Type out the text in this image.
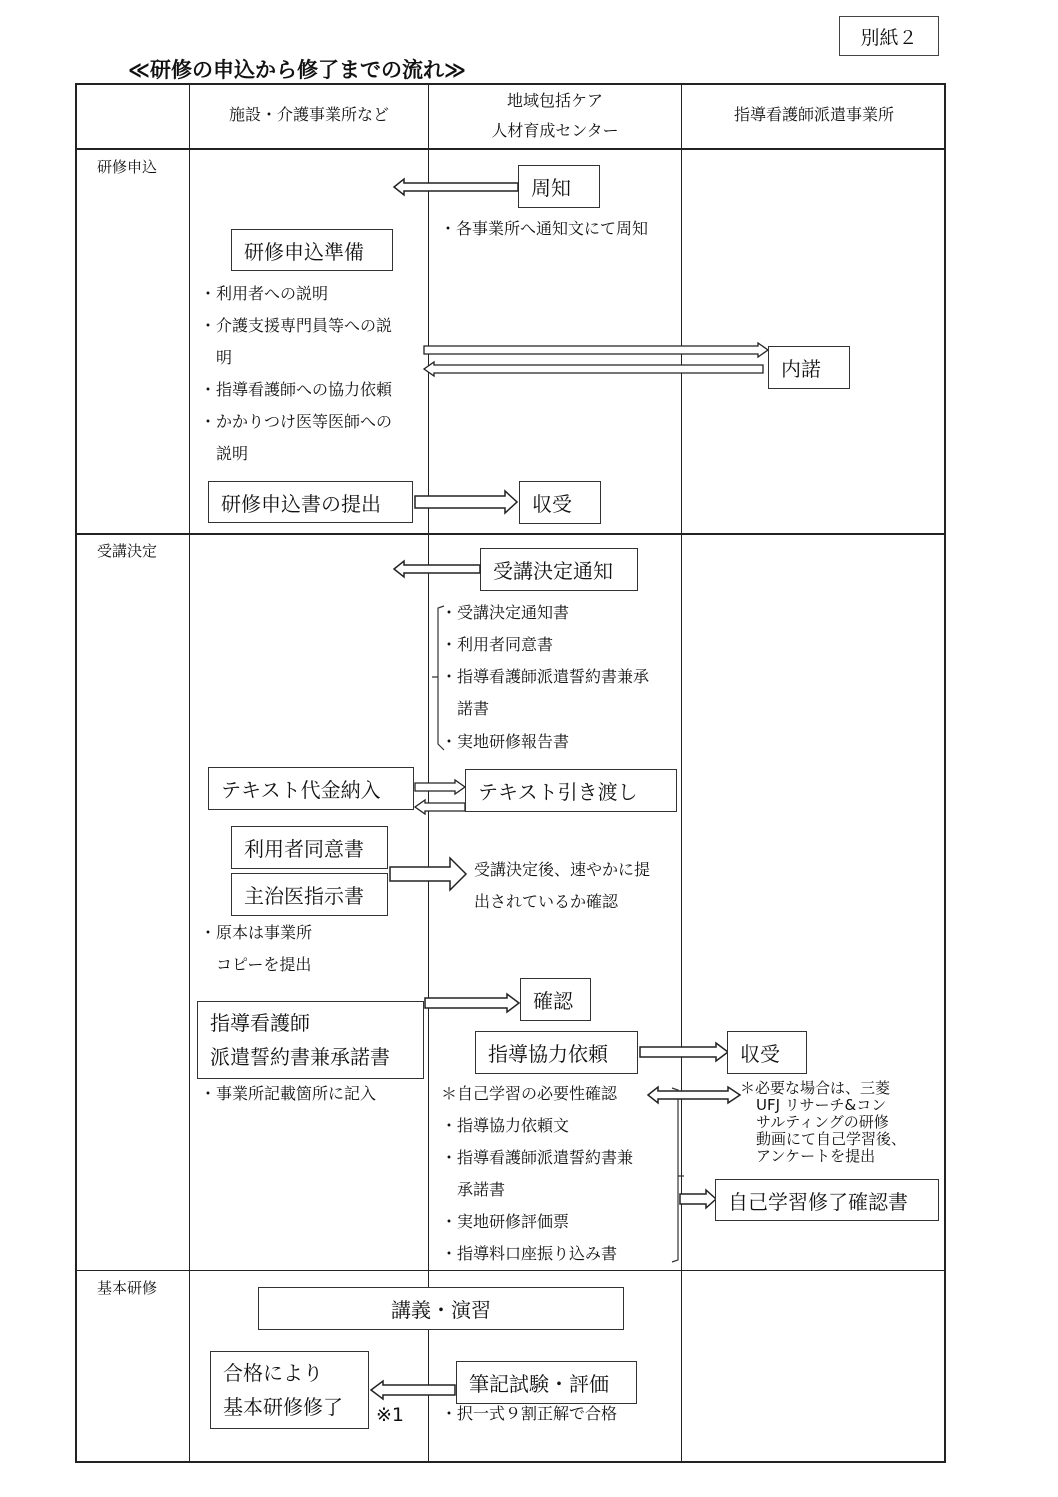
別紙２
≪研修の申込から修了までの流れ≫
施設・介護事業所など
地域包括ケア
人材育成センター
指導看護師派遣事業所
研修申込
周知
・各事業所へ通知文にて周知
研修申込準備
・利用者への説明
・介護支援専門員等への説
　明
・指導看護師への協力依頼
・かかりつけ医等医師への
　説明
内諾
研修申込書の提出	収受
受講決定
受講決定通知
・受講決定通知書
・利用者同意書
・指導看護師派遣誓約書兼承
　諾書
・実地研修報告書
テキスト代金納入	テキスト引き渡し
利用者同意書
主治医指示書
受講決定後、速やかに提
出されているか確認
・原本は事業所
　コピーを提出
確認
指導看護師
派遣誓約書兼承諾書
・事業所記載箇所に記入
指導協力依頼	収受
＊自己学習の必要性確認
・指導協力依頼文
・指導看護師派遣誓約書兼
　承諾書
・実地研修評価票
・指導料口座振り込み書
＊必要な場合は、三菱
UFJ リサーチ&コン
サルティングの研修
動画にて自己学習後、
アンケートを提出
自己学習修了確認書
基本研修
講義・演習
合格により
基本研修修了 ※1
筆記試験・評価
・択一式９割正解で合格
